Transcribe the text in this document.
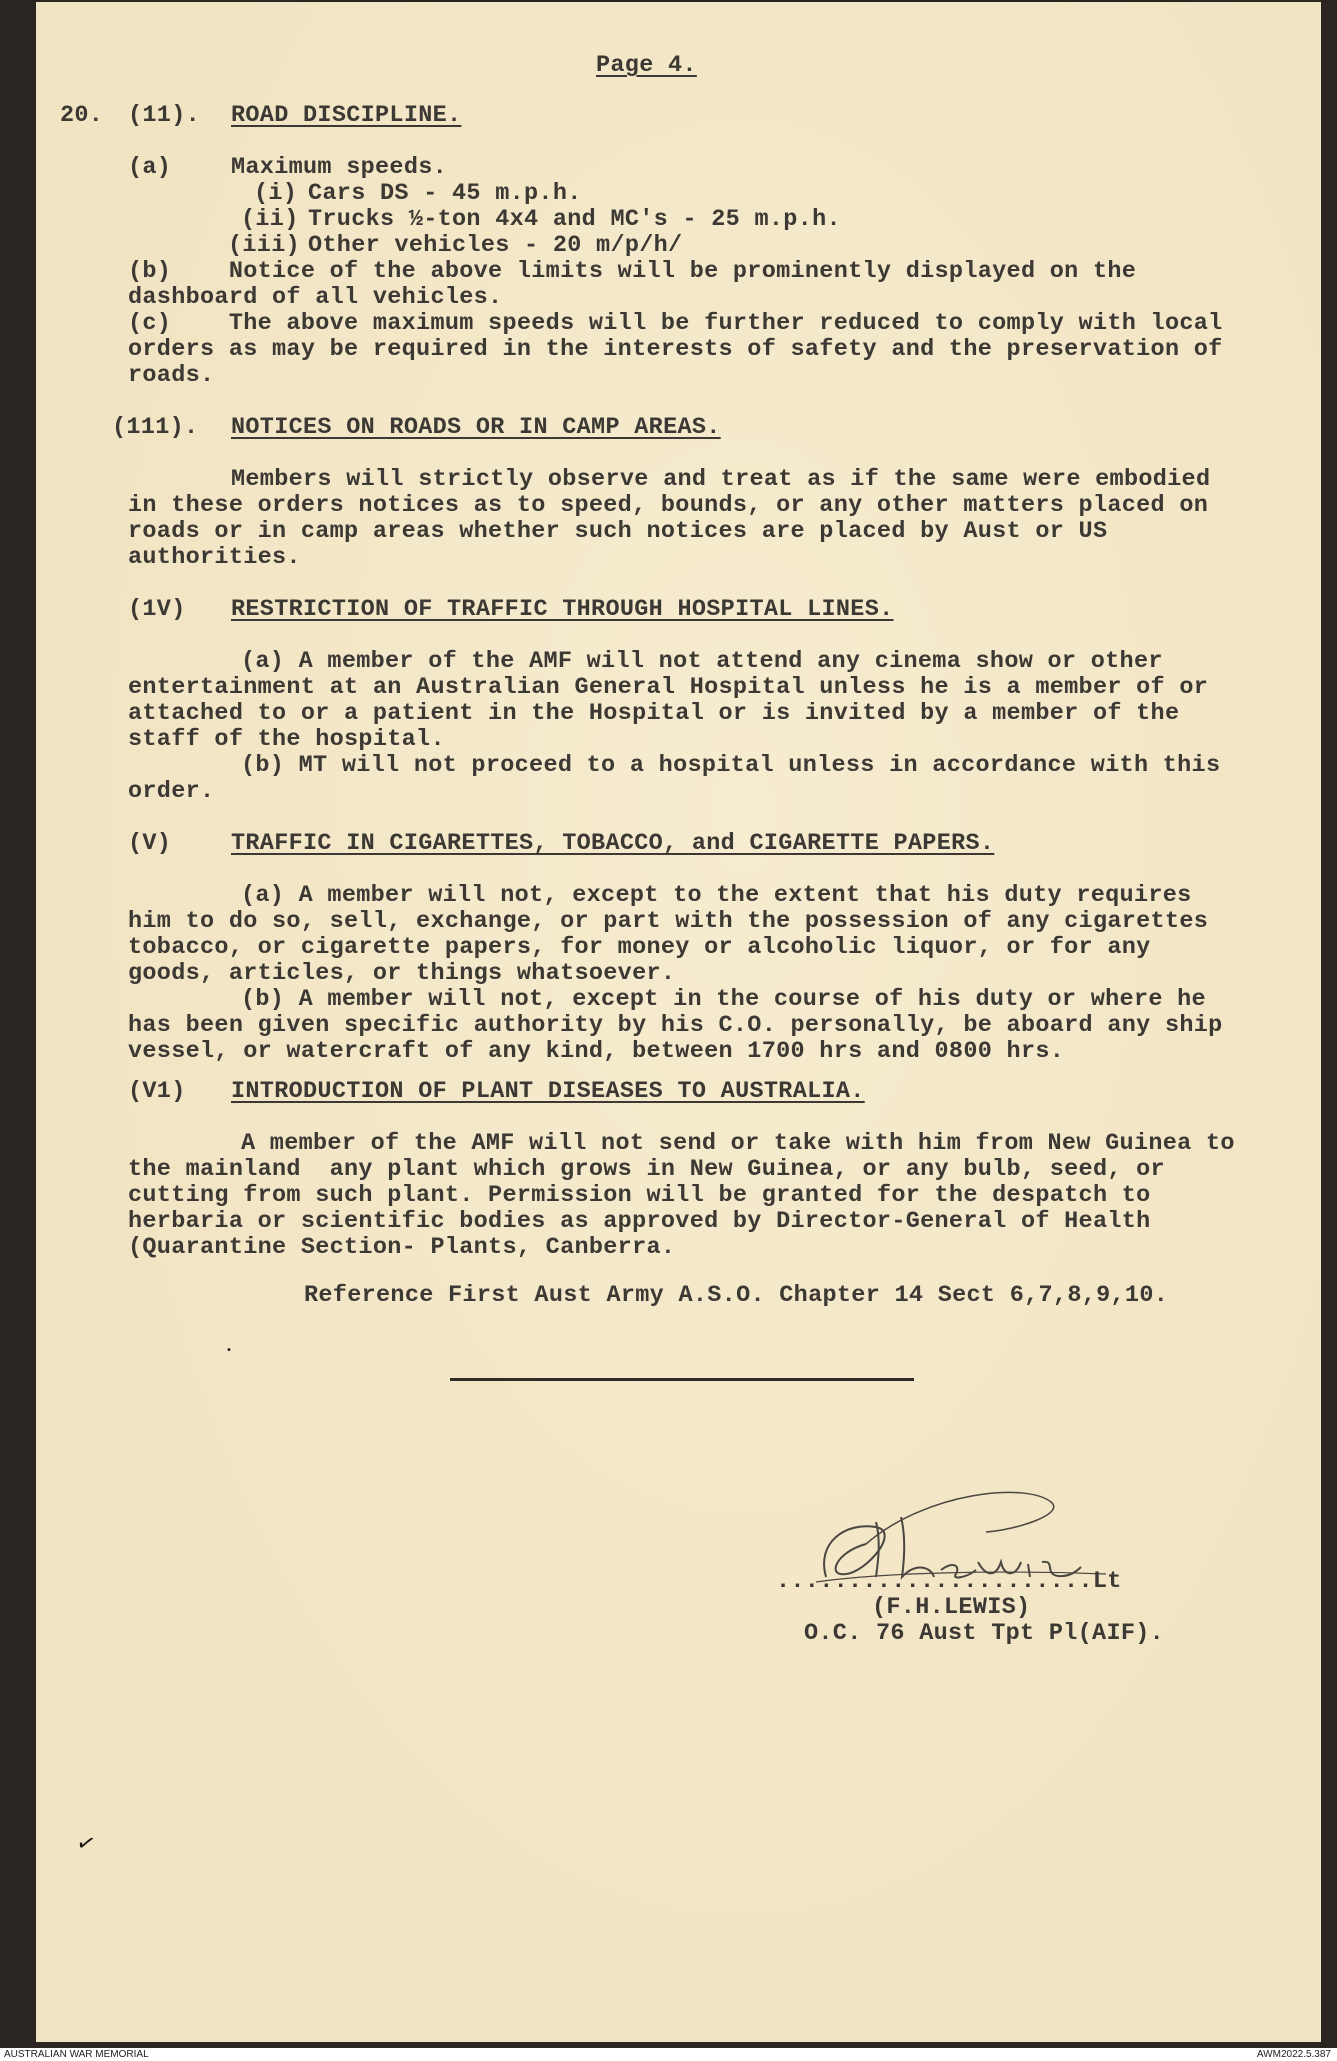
Page 4.
20. (11). ROAD DISCIPLINE.
(a)	Maximum speeds.
(i) Cars DS - 45 m.p.h.
(ii) Trucks ½-ton 4x4 and MC's - 25 m.p.h.
(iii) Other vehicles - 20 m/p/h/
(b)    Notice of the above limits will be prominently displayed on the
dashboard of all vehicles.
(c)    The above maximum speeds will be further reduced to comply with local
orders as may be required in the interests of safety and the preservation of
roads.
(111). NOTICES ON ROADS OR IN CAMP AREAS.
Members will strictly observe and treat as if the same were embodied
in these orders notices as to speed, bounds, or any other matters placed on
roads or in camp areas whether such notices are placed by Aust or US
authorities.
(1V) RESTRICTION OF TRAFFIC THROUGH HOSPITAL LINES.
(a) A member of the AMF will not attend any cinema show or other
entertainment at an Australian General Hospital unless he is a member of or
attached to or a patient in the Hospital or is invited by a member of the
staff of the hospital.
(b) MT will not proceed to a hospital unless in accordance with this
order.
(V)	TRAFFIC IN CIGARETTES, TOBACCO, and CIGARETTE PAPERS.
(a) A member will not, except to the extent that his duty requires
him to do so, sell, exchange, or part with the possession of any cigarettes
tobacco, or cigarette papers, for money or alcoholic liquor, or for any
goods, articles, or things whatsoever.
(b) A member will not, except in the course of his duty or where he
has been given specific authority by his C.O. personally, be aboard any ship
vessel, or watercraft of any kind, between 1700 hrs and 0800 hrs.
(V1) INTRODUCTION OF PLANT DISEASES TO AUSTRALIA.
A member of the AMF will not send or take with him from New Guinea to
the mainland  any plant which grows in New Guinea, or any bulb, seed, or
cutting from such plant. Permission will be granted for the despatch to
herbaria or scientific bodies as approved by Director-General of Health
(Quarantine Section- Plants, Canberra.
Reference First Aust Army A.S.O. Chapter 14 Sect 6,7,8,9,10.
•
......................Lt
(F.H.LEWIS)
O.C. 76 Aust Tpt Pl(AIF).
✓
AUSTRALIAN WAR MEMORIAL	AWM2022.5.387
